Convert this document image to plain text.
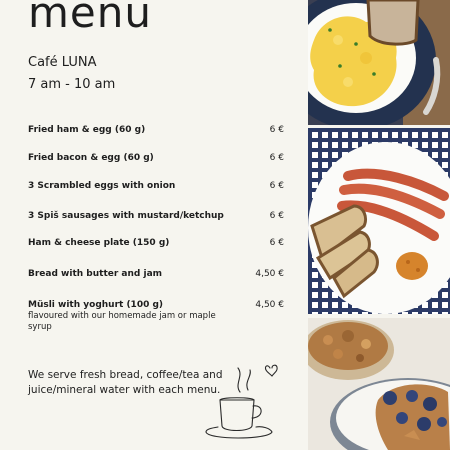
menu
Café LUNA
7 am - 10 am
Fried ham & egg (60 g)	6 €
Fried bacon & egg (60 g)	6 €
3 Scrambled eggs with onion	6 €
3 Spiš sausages with mustard/ketchup	6 €
Ham & cheese plate (150 g)	6 €
Bread with butter and jam	4,50 €
Müsli with yoghurt (100 g)	4,50 €
flavoured with our homemade jam or maple syrup
We serve fresh bread, coffee/tea and juice/mineral water with each menu.
